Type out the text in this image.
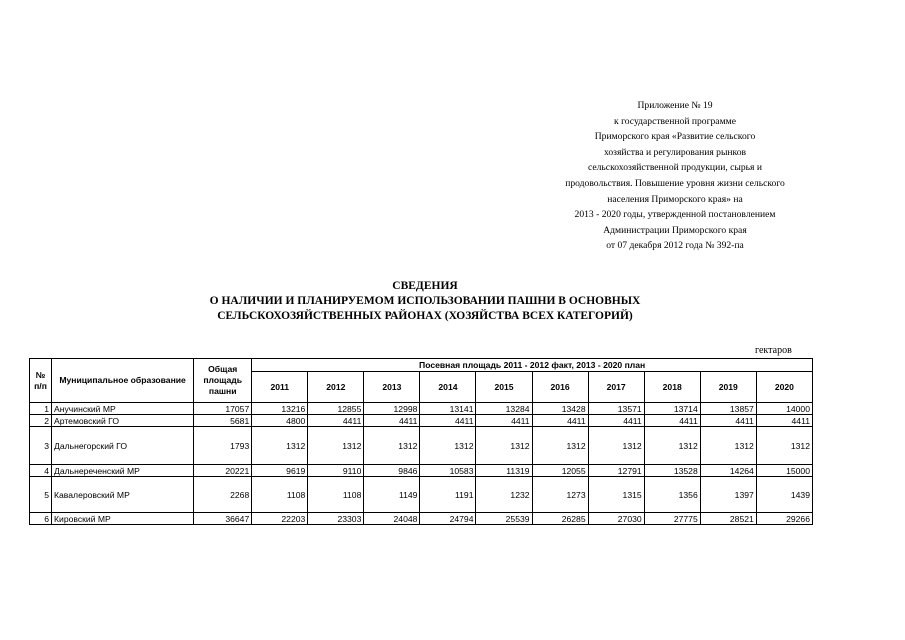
Приложение № 19
к государственной программе
Приморского края «Развитие сельского
хозяйства и регулирования рынков
сельскохозяйственной продукции, сырья и
продовольствия. Повышение уровня жизни сельского
населения Приморского края» на
2013 - 2020 годы, утвержденной постановлением
Администрации Приморского края
от 07 декабря 2012 года № 392-па
СВЕДЕНИЯ
О НАЛИЧИИ И ПЛАНИРУЕМОМ ИСПОЛЬЗОВАНИИ ПАШНИ В ОСНОВНЫХ
СЕЛЬСКОХОЗЯЙСТВЕННЫХ РАЙОНАХ (ХОЗЯЙСТВА ВСЕХ КАТЕГОРИЙ)
гектаров
№ п/п	Муниципальное образование	Общая площадь пашни	Посевная площадь 2011 - 2012 факт, 2013 - 2020 план									
			2011	2012	2013	2014	2015	2016	2017	2018	2019	2020
1	Анучинский МР	17057	13216	12855	12998	13141	13284	13428	13571	13714	13857	14000
2	Артемовский ГО	5681	4800	4411	4411	4411	4411	4411	4411	4411	4411	4411
3	Дальнегорский ГО	1793	1312	1312	1312	1312	1312	1312	1312	1312	1312	1312
4	Дальнереченский МР	20221	9619	9110	9846	10583	11319	12055	12791	13528	14264	15000
5	Кавалеровский МР	2268	1108	1108	1149	1191	1232	1273	1315	1356	1397	1439
6	Кировский МР	36647	22203	23303	24048	24794	25539	26285	27030	27775	28521	29266
